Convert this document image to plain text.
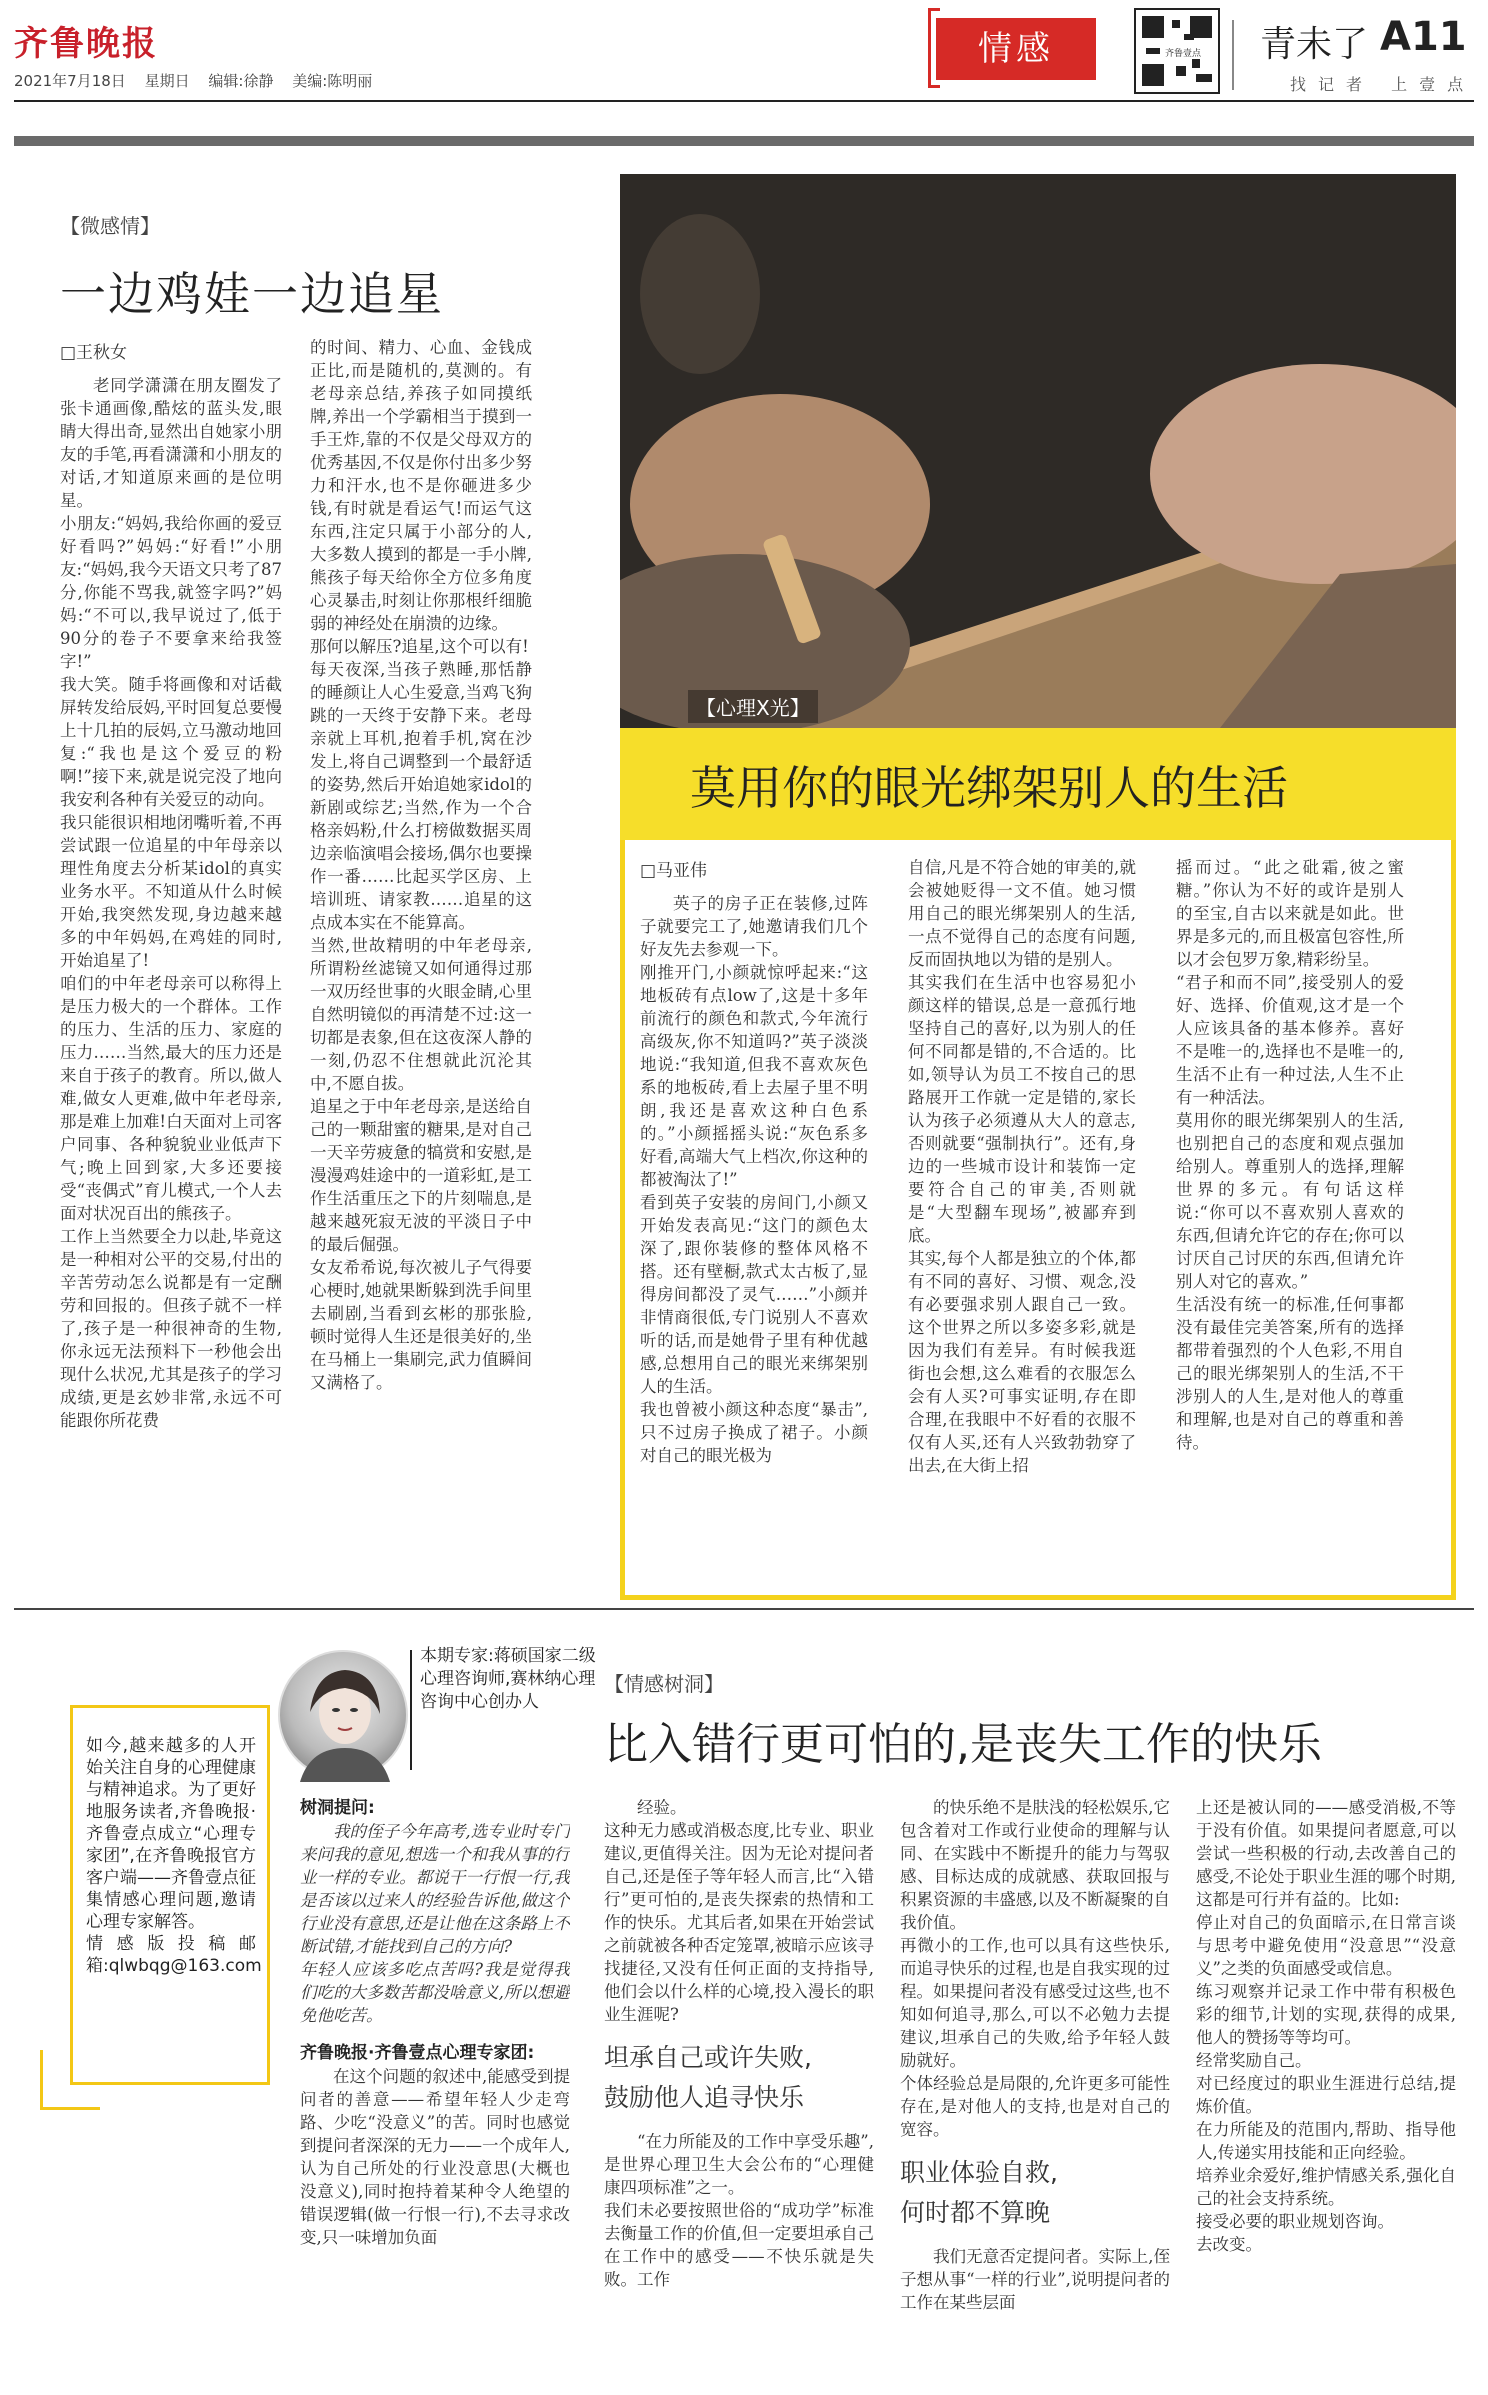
齐鲁晚报
2021年7月18日 星期日 编辑:徐静 美编:陈明丽
情感	齐鲁壹点 青未了 A11
找记者 上壹点
【微感情】
一边鸡娃一边追星
□王秋女
老同学潇潇在朋友圈发了张卡通画像,酷炫的蓝头发,眼睛大得出奇,显然出自她家小朋友的手笔,再看潇潇和小朋友的对话,才知道原来画的是位明星。
小朋友:“妈妈,我给你画的爱豆好看吗?”妈妈:“好看!”小朋友:“妈妈,我今天语文只考了87分,你能不骂我,就签字吗?”妈妈:“不可以,我早说过了,低于90分的卷子不要拿来给我签字!”
我大笑。随手将画像和对话截屏转发给辰妈,平时回复总要慢上十几拍的辰妈,立马激动地回复:“我也是这个爱豆的粉啊!”接下来,就是说完没了地向我安利各种有关爱豆的动向。
我只能很识相地闭嘴听着,不再尝试跟一位追星的中年母亲以理性角度去分析某idol的真实业务水平。不知道从什么时候开始,我突然发现,身边越来越多的中年妈妈,在鸡娃的同时,开始追星了!
咱们的中年老母亲可以称得上是压力极大的一个群体。工作的压力、生活的压力、家庭的压力……当然,最大的压力还是来自于孩子的教育。所以,做人难,做女人更难,做中年老母亲,那是难上加难!白天面对上司客户同事、各种貌貌业业低声下气;晚上回到家,大多还要接受“丧偶式”育儿模式,一个人去面对状况百出的熊孩子。
工作上当然要全力以赴,毕竟这是一种相对公平的交易,付出的辛苦劳动怎么说都是有一定酬劳和回报的。但孩子就不一样了,孩子是一种很神奇的生物,你永远无法预料下一秒他会出现什么状况,尤其是孩子的学习成绩,更是玄妙非常,永远不可能跟你所花费
的时间、精力、心血、金钱成正比,而是随机的,莫测的。有老母亲总结,养孩子如同摸纸牌,养出一个学霸相当于摸到一手王炸,靠的不仅是父母双方的优秀基因,不仅是你付出多少努力和汗水,也不是你砸进多少钱,有时就是看运气!而运气这东西,注定只属于小部分的人,大多数人摸到的都是一手小牌,熊孩子每天给你全方位多角度心灵暴击,时刻让你那根纤细脆弱的神经处在崩溃的边缘。
那何以解压?追星,这个可以有!
每天夜深,当孩子熟睡,那恬静的睡颜让人心生爱意,当鸡飞狗跳的一天终于安静下来。老母亲就上耳机,抱着手机,窝在沙发上,将自己调整到一个最舒适的姿势,然后开始追她家idol的新剧或综艺;当然,作为一个合格亲妈粉,什么打榜做数据买周边亲临演唱会接场,偶尔也要操作一番……比起买学区房、上培训班、请家教……追星的这点成本实在不能算高。
当然,世故精明的中年老母亲,所谓粉丝滤镜又如何通得过那一双历经世事的火眼金睛,心里自然明镜似的再清楚不过:这一切都是表象,但在这夜深人静的一刻,仍忍不住想就此沉沦其中,不愿自拔。
追星之于中年老母亲,是送给自己的一颗甜蜜的糖果,是对自己一天辛劳疲惫的犒赏和安慰,是漫漫鸡娃途中的一道彩虹,是工作生活重压之下的片刻喘息,是越来越死寂无波的平淡日子中的最后倔强。
女友希希说,每次被儿子气得要心梗时,她就果断躲到洗手间里去刷剧,当看到玄彬的那张脸,顿时觉得人生还是很美好的,坐在马桶上一集刷完,武力值瞬间又满格了。
【心理X光】
莫用你的眼光绑架别人的生活
□马亚伟
英子的房子正在装修,过阵子就要完工了,她邀请我们几个好友先去参观一下。
刚推开门,小颜就惊呼起来:“这地板砖有点low了,这是十多年前流行的颜色和款式,今年流行高级灰,你不知道吗?”英子淡淡地说:“我知道,但我不喜欢灰色系的地板砖,看上去屋子里不明朗,我还是喜欢这种白色系的。”小颜摇摇头说:“灰色系多好看,高端大气上档次,你这种的都被淘汰了!”
看到英子安装的房间门,小颜又开始发表高见:“这门的颜色太深了,跟你装修的整体风格不搭。还有壁橱,款式太古板了,显得房间都没了灵气……”小颜并非情商很低,专门说别人不喜欢听的话,而是她骨子里有种优越感,总想用自己的眼光来绑架别人的生活。
我也曾被小颜这种态度“暴击”,只不过房子换成了裙子。小颜对自己的眼光极为
自信,凡是不符合她的审美的,就会被她贬得一文不值。她习惯用自己的眼光绑架别人的生活,一点不觉得自己的态度有问题,反而固执地以为错的是别人。
其实我们在生活中也容易犯小颜这样的错误,总是一意孤行地坚持自己的喜好,以为别人的任何不同都是错的,不合适的。比如,领导认为员工不按自己的思路展开工作就一定是错的,家长认为孩子必须遵从大人的意志,否则就要“强制执行”。还有,身边的一些城市设计和装饰一定要符合自己的审美,否则就是“大型翻车现场”,被鄙弃到底。
其实,每个人都是独立的个体,都有不同的喜好、习惯、观念,没有必要强求别人跟自己一致。这个世界之所以多姿多彩,就是因为我们有差异。有时候我逛街也会想,这么难看的衣服怎么会有人买?可事实证明,存在即合理,在我眼中不好看的衣服不仅有人买,还有人兴致勃勃穿了出去,在大街上招
摇而过。“此之砒霜,彼之蜜糖。”你认为不好的或许是别人的至宝,自古以来就是如此。世界是多元的,而且极富包容性,所以才会包罗万象,精彩纷呈。
“君子和而不同”,接受别人的爱好、选择、价值观,这才是一个人应该具备的基本修养。喜好不是唯一的,选择也不是唯一的,生活不止有一种过法,人生不止有一种活法。
莫用你的眼光绑架别人的生活,也别把自己的态度和观点强加给别人。尊重别人的选择,理解世界的多元。有句话这样说:“你可以不喜欢别人喜欢的东西,但请允许它的存在;你可以讨厌自己讨厌的东西,但请允许别人对它的喜欢。”
生活没有统一的标准,任何事都没有最佳完美答案,所有的选择都带着强烈的个人色彩,不用自己的眼光绑架别人的生活,不干涉别人的人生,是对他人的尊重和理解,也是对自己的尊重和善待。
如今,越来越多的人开始关注自身的心理健康与精神追求。为了更好地服务读者,齐鲁晚报·齐鲁壹点成立“心理专家团”,在齐鲁晚报官方客户端——齐鲁壹点征集情感心理问题,邀请心理专家解答。
情感版投稿邮箱:qlwbqg@163.com
本期专家:蒋硕国家二级心理咨询师,赛林纳心理咨询中心创办人
【情感树洞】
比入错行更可怕的,是丧失工作的快乐
树洞提问:
我的侄子今年高考,选专业时专门来问我的意见,想选一个和我从事的行业一样的专业。都说干一行恨一行,我是否该以过来人的经验告诉他,做这个行业没有意思,还是让他在这条路上不断试错,才能找到自己的方向?
年轻人应该多吃点苦吗?我是觉得我们吃的大多数苦都没啥意义,所以想避免他吃苦。
齐鲁晚报·齐鲁壹点心理专家团:
在这个问题的叙述中,能感受到提问者的善意——希望年轻人少走弯路、少吃“没意义”的苦。同时也感觉到提问者深深的无力——一个成年人,认为自己所处的行业没意思(大概也没意义),同时抱持着某种令人绝望的错误逻辑(做一行恨一行),不去寻求改变,只一味增加负面
经验。
这种无力感或消极态度,比专业、职业建议,更值得关注。因为无论对提问者自己,还是侄子等年轻人而言,比“入错行”更可怕的,是丧失探索的热情和工作的快乐。尤其后者,如果在开始尝试之前就被各种否定笼罩,被暗示应该寻找捷径,又没有任何正面的支持指导,他们会以什么样的心境,投入漫长的职业生涯呢?
坦承自己或许失败,
鼓励他人追寻快乐
“在力所能及的工作中享受乐趣”,是世界心理卫生大会公布的“心理健康四项标准”之一。
我们未必要按照世俗的“成功学”标准去衡量工作的价值,但一定要坦承自己在工作中的感受——不快乐就是失败。工作
的快乐绝不是肤浅的轻松娱乐,它包含着对工作或行业使命的理解与认同、在实践中不断提升的能力与驾驭感、目标达成的成就感、获取回报与积累资源的丰盛感,以及不断凝聚的自我价值。
再微小的工作,也可以具有这些快乐,而追寻快乐的过程,也是自我实现的过程。如果提问者没有感受过这些,也不知如何追寻,那么,可以不必勉力去提建议,坦承自己的失败,给予年轻人鼓励就好。
个体经验总是局限的,允许更多可能性存在,是对他人的支持,也是对自己的宽容。
职业体验自救,
何时都不算晚
我们无意否定提问者。实际上,侄子想从事“一样的行业”,说明提问者的工作在某些层面
上还是被认同的——感受消极,不等于没有价值。如果提问者愿意,可以尝试一些积极的行动,去改善自己的感受,不论处于职业生涯的哪个时期,这都是可行并有益的。比如:
停止对自己的负面暗示,在日常言谈与思考中避免使用“没意思”“没意义”之类的负面感受或信息。
练习观察并记录工作中带有积极色彩的细节,计划的实现,获得的成果,他人的赞扬等等均可。
经常奖励自己。
对已经度过的职业生涯进行总结,提炼价值。
在力所能及的范围内,帮助、指导他人,传递实用技能和正向经验。
培养业余爱好,维护情感关系,强化自己的社会支持系统。
接受必要的职业规划咨询。
去改变。
